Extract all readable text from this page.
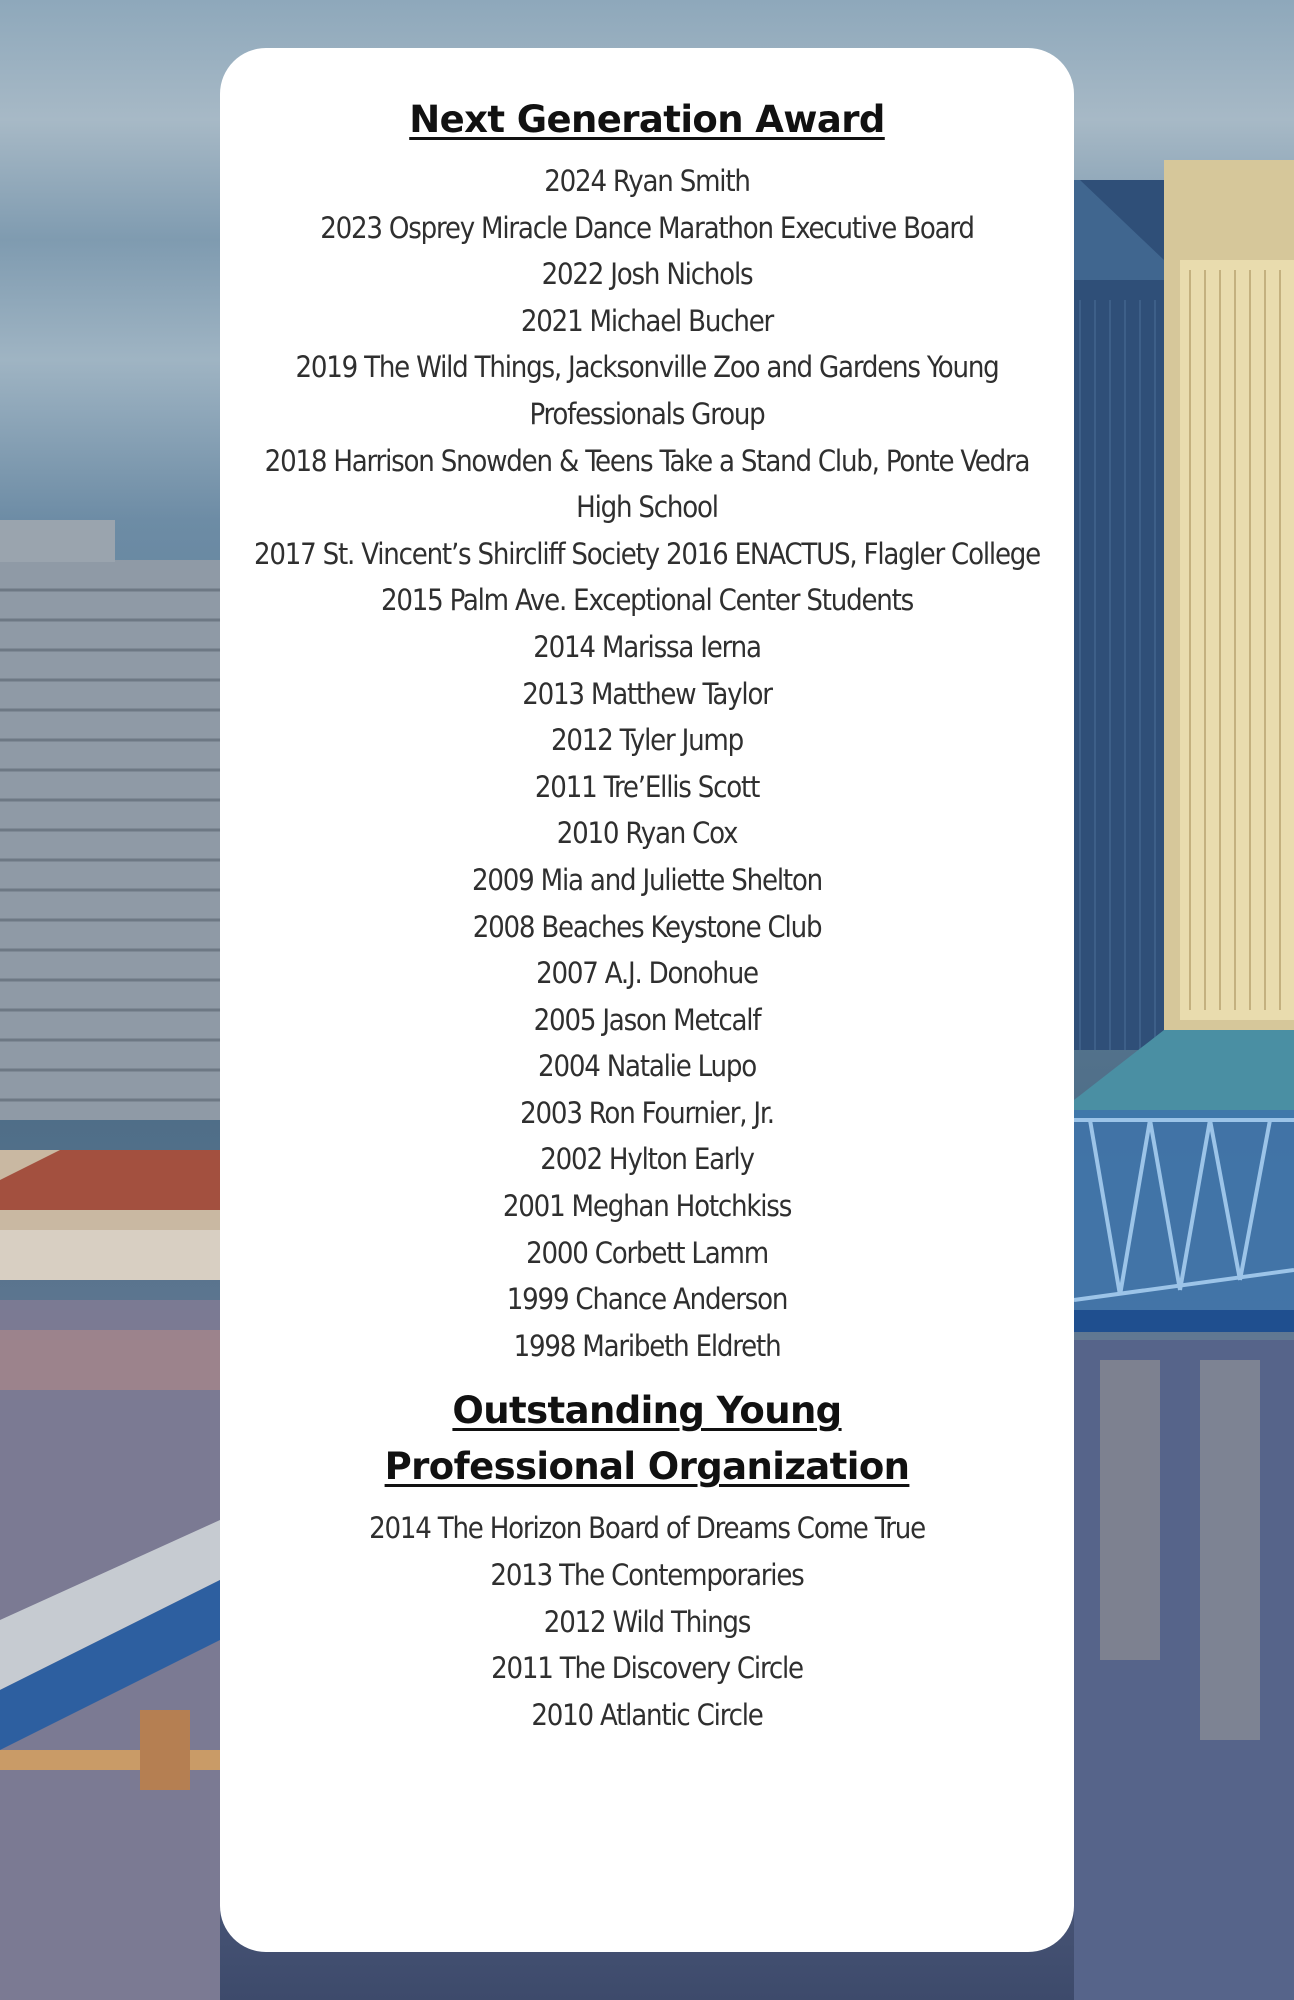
Next Generation Award
2024 Ryan Smith
2023 Osprey Miracle Dance Marathon Executive Board
2022 Josh Nichols
2021 Michael Bucher
2019 The Wild Things, Jacksonville Zoo and Gardens Young
Professionals Group
2018 Harrison Snowden & Teens Take a Stand Club, Ponte Vedra
High School
2017 St. Vincent’s Shircliff Society 2016 ENACTUS, Flagler College
2015 Palm Ave. Exceptional Center Students
2014 Marissa Ierna
2013 Matthew Taylor
2012 Tyler Jump
2011 Tre’Ellis Scott
2010 Ryan Cox
2009 Mia and Juliette Shelton
2008 Beaches Keystone Club
2007 A.J. Donohue
2005 Jason Metcalf
2004 Natalie Lupo
2003 Ron Fournier, Jr.
2002 Hylton Early
2001 Meghan Hotchkiss
2000 Corbett Lamm
1999 Chance Anderson
1998 Maribeth Eldreth
Outstanding Young Professional Organization
2014 The Horizon Board of Dreams Come True
2013 The Contemporaries
2012 Wild Things
2011 The Discovery Circle
2010 Atlantic Circle
